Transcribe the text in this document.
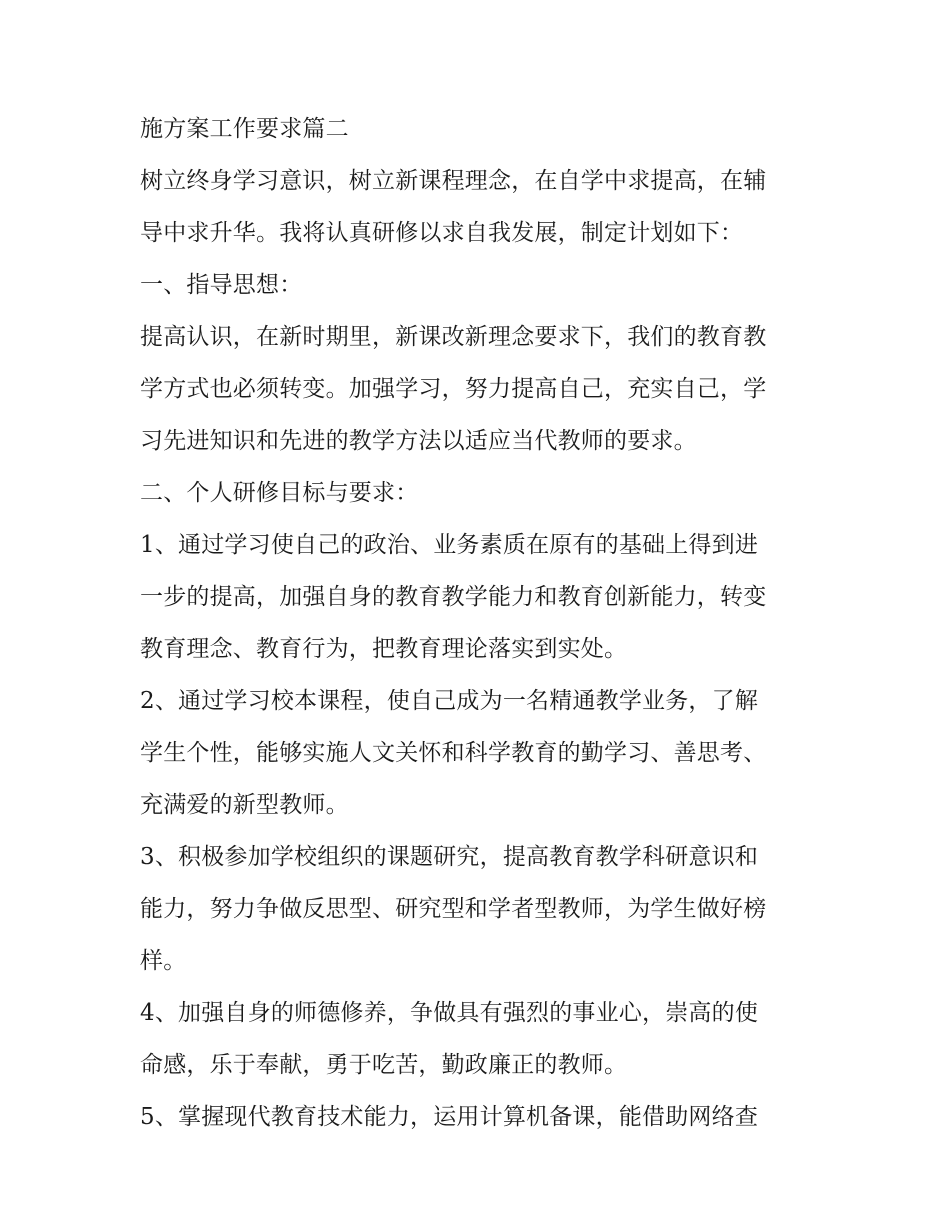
施方案工作要求篇二
树立终身学习意识，树立新课程理念，在自学中求提高，在辅
导中求升华。我将认真研修以求自我发展，制定计划如下：
一、指导思想：
提高认识，在新时期里，新课改新理念要求下，我们的教育教
学方式也必须转变。加强学习，努力提高自己，充实自己，学
习先进知识和先进的教学方法以适应当代教师的要求。
二、个人研修目标与要求：
1、通过学习使自己的政治、业务素质在原有的基础上得到进
一步的提高，加强自身的教育教学能力和教育创新能力，转变
教育理念、教育行为，把教育理论落实到实处。
2、通过学习校本课程，使自己成为一名精通教学业务，了解
学生个性，能够实施人文关怀和科学教育的勤学习、善思考、
充满爱的新型教师。
3、积极参加学校组织的课题研究，提高教育教学科研意识和
能力，努力争做反思型、研究型和学者型教师，为学生做好榜
样。
4、加强自身的师德修养，争做具有强烈的事业心，崇高的使
命感，乐于奉献，勇于吃苦，勤政廉正的教师。
5、掌握现代教育技术能力，运用计算机备课，能借助网络查
